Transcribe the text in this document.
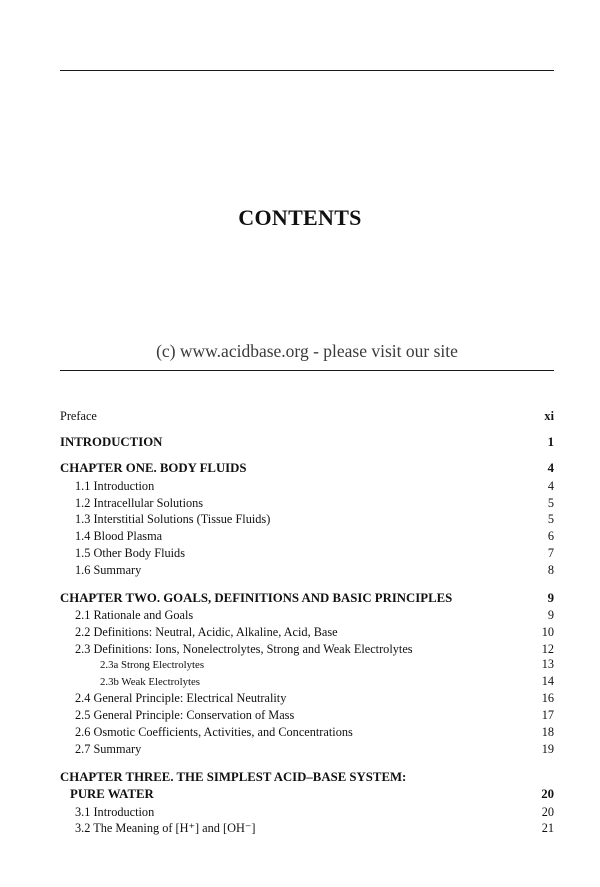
CONTENTS
(c) www.acidbase.org - please visit our site
Preface	xi
INTRODUCTION	1
CHAPTER ONE. BODY FLUIDS	4
1.1 Introduction	4
1.2 Intracellular Solutions	5
1.3 Interstitial Solutions (Tissue Fluids)	5
1.4 Blood Plasma	6
1.5 Other Body Fluids	7
1.6 Summary	8
CHAPTER TWO. GOALS, DEFINITIONS AND BASIC PRINCIPLES	9
2.1 Rationale and Goals	9
2.2 Definitions: Neutral, Acidic, Alkaline, Acid, Base	10
2.3 Definitions: Ions, Nonelectrolytes, Strong and Weak Electrolytes	12
2.3a Strong Electrolytes	13
2.3b Weak Electrolytes	14
2.4 General Principle: Electrical Neutrality	16
2.5 General Principle: Conservation of Mass	17
2.6 Osmotic Coefficients, Activities, and Concentrations	18
2.7 Summary	19
CHAPTER THREE. THE SIMPLEST ACID–BASE SYSTEM:
PURE WATER	20
3.1 Introduction	20
3.2 The Meaning of [H⁺] and [OH⁻]	21
